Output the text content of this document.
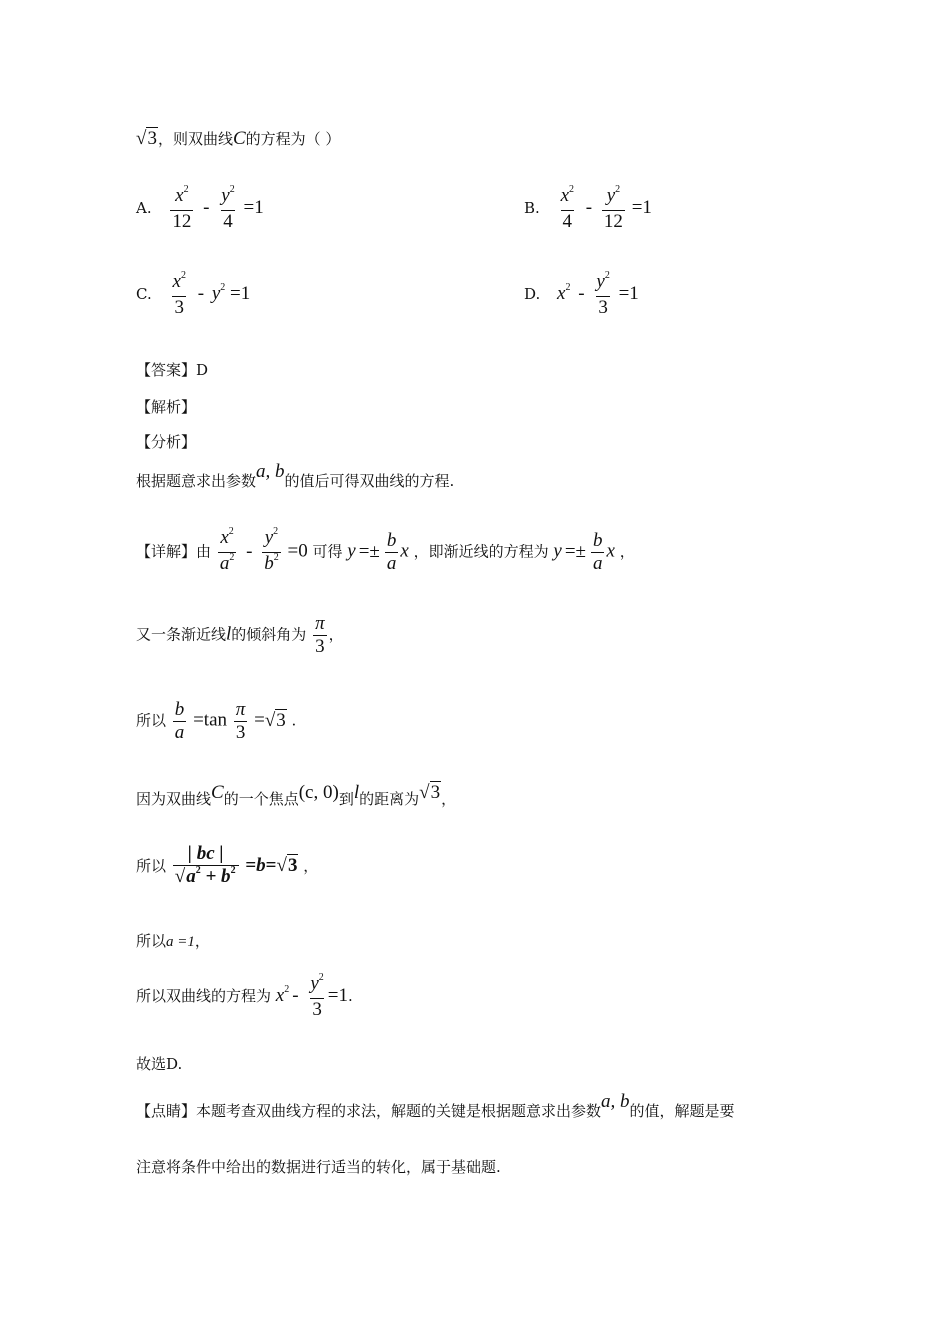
√3，则双曲线C的方程为（ ）
A. $\frac{x^2}{12} - \frac{y^2}{4} =1$	B. $\frac{x^2}{4} - \frac{y^2}{12} =1$
C. $\frac{x^2}{3} - y^2 =1$	D. $x^2 - \frac{y^2}{3} =1$
【答案】D
【解析】
【分析】
根据题意求出参数a, b的值后可得双曲线的方程.
【详解】由 $\frac{x^2}{a^2} - \frac{y^2}{b^2} =0$ 可得 $y =\pm \frac{b}{a}$ x ，即渐近线的方程为 $y =\pm \frac{b}{a}$ x ，
又一条渐近线l的倾斜角为 $\frac{\pi}{3}$ ，
所以 $\frac{b}{a} =\tan \frac{\pi}{3} =√3$ .
因为双曲线C的一个焦点(c, 0)到l的距离为√3，
所以 $\frac{| bc |}{√a^2 + b^2} =b=√3$ ，
所以a =1，
所以双曲线的方程为 $x^2 - \frac{y^2}{3} =1$.
故选D.
【点睛】本题考查双曲线方程的求法，解题的关键是根据题意求出参数a, b的值，解题是要
注意将条件中给出的数据进行适当的转化，属于基础题.
